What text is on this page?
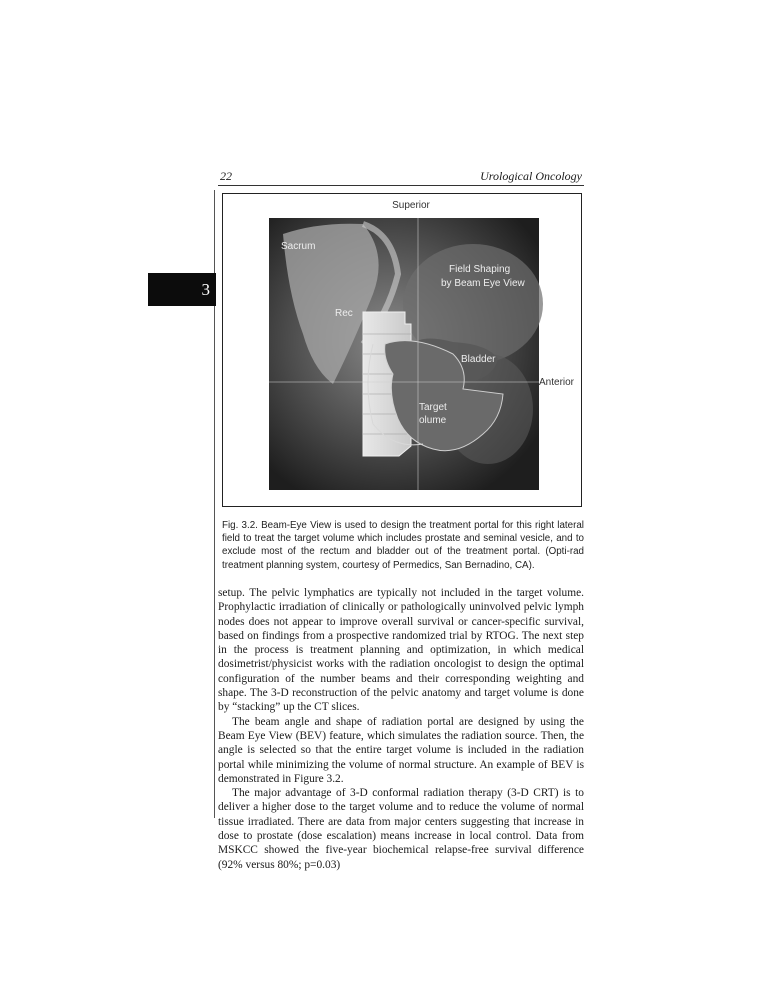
22	Urological Oncology
3
Superior
Anterior
Sacrum
Field Shaping
by Beam Eye View
Rec
Bladder
Target
olume
Fig. 3.2. Beam-Eye View is used to design the treatment portal for this right lateral field to treat the target volume which includes prostate and seminal vesicle, and to exclude most of the rectum and bladder out of the treatment portal. (Opti-rad treatment planning system, courtesy of Permedics, San Bernadino, CA).

setup. The pelvic lymphatics are typically not included in the target volume. Prophylactic irradiation of clinically or pathologically uninvolved pelvic lymph nodes does not appear to improve overall survival or cancer-specific survival, based on findings from a prospective randomized trial by RTOG. The next step in the process is treatment planning and optimization, in which medical dosimetrist/physicist works with the radiation oncologist to design the optimal configuration of the number beams and their corresponding weighting and shape. The 3-D reconstruction of the pelvic anatomy and target volume is done by “stacking” up the CT slices.

The beam angle and shape of radiation portal are designed by using the Beam Eye View (BEV) feature, which simulates the radiation source. Then, the angle is selected so that the entire target volume is included in the radiation portal while minimizing the volume of normal structure. An example of BEV is demonstrated in Figure 3.2.

The major advantage of 3-D conformal radiation therapy (3-D CRT) is to deliver a higher dose to the target volume and to reduce the volume of normal tissue irradiated. There are data from major centers suggesting that increase in dose to prostate (dose escalation) means increase in local control. Data from MSKCC showed the five-year biochemical relapse-free survival difference (92% versus 80%; p=0.03)
